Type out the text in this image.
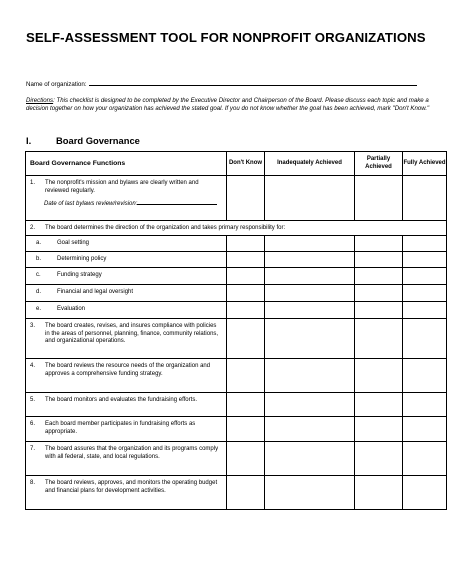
SELF-ASSESSMENT TOOL FOR NONPROFIT ORGANIZATIONS
Name of organization:
Directions: This checklist is designed to be completed by the Executive Director and Chairperson of the Board. Please discuss each topic and make a decision together on how your organization has achieved the stated goal. If you do not know whether the goal has been achieved, mark "Don't Know."
I.	Board Governance
Board Governance Functions	Don't Know	Inadequately Achieved	Partially Achieved	Fully Achieved

1. The nonprofit's mission and bylaws are clearly written and reviewed regularly.
Date of last bylaws review/revision:				

2. The board determines the direction of the organization and takes primary responsibility for:				

a. Goal setting				

b. Determining policy				

c. Funding strategy				

d. Financial and legal oversight				

e. Evaluation				

3. The board creates, revises, and insures compliance with policies in the areas of personnel, planning, finance, community relations, and organizational operations.				

4. The board reviews the resource needs of the organization and approves a comprehensive funding strategy.				

5. The board monitors and evaluates the fundraising efforts.				

6. Each board member participates in fundraising efforts as appropriate.				

7. The board assures that the organization and its programs comply with all federal, state, and local regulations.				

8. The board reviews, approves, and monitors the operating budget and financial plans for development activities.				
